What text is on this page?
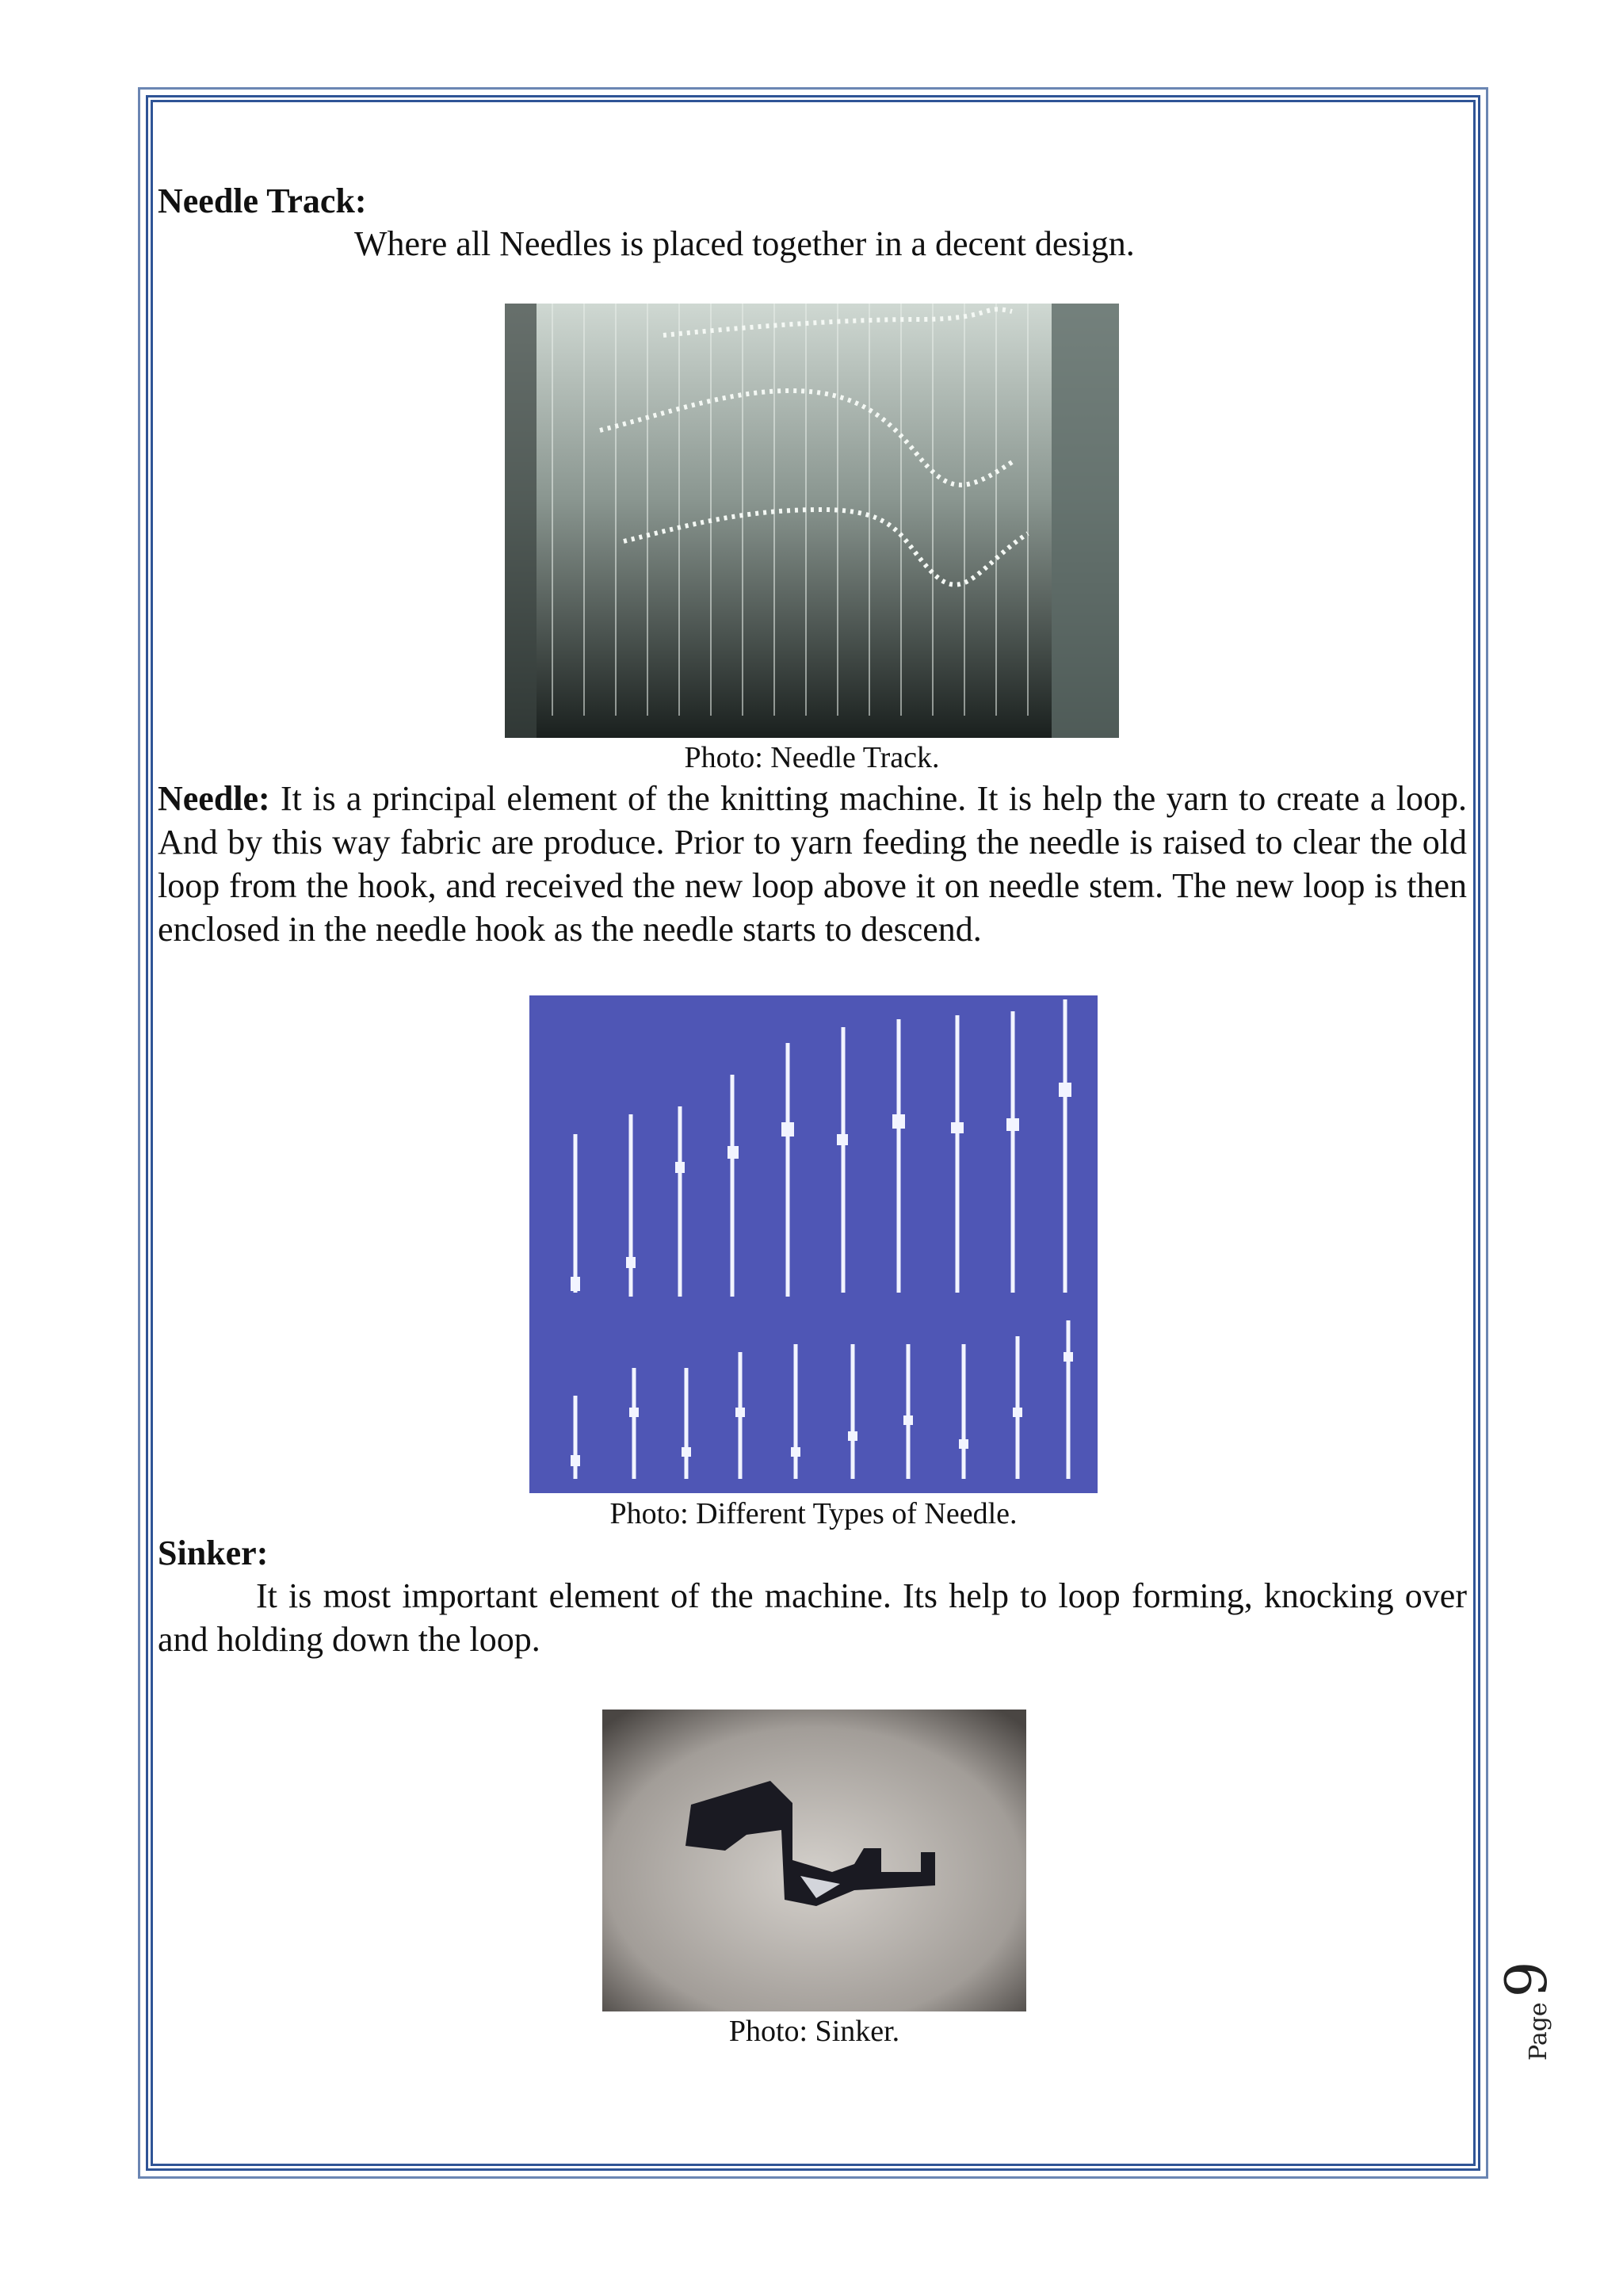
Needle Track:

Where all Needles is placed together in a decent design.

Photo: Needle Track.

Needle: It is a principal element of the knitting machine. It is help the yarn to create a loop. And by this way fabric are produce. Prior to yarn feeding the needle is raised to clear the old loop from the hook, and received the new loop above it on needle stem. The new loop is then enclosed in the needle hook as the needle starts to descend.

Photo: Different Types of Needle.

Sinker:

It is most important element of the machine. Its help to loop forming, knocking over and holding down the loop.

Photo: Sinker.	Page
9
